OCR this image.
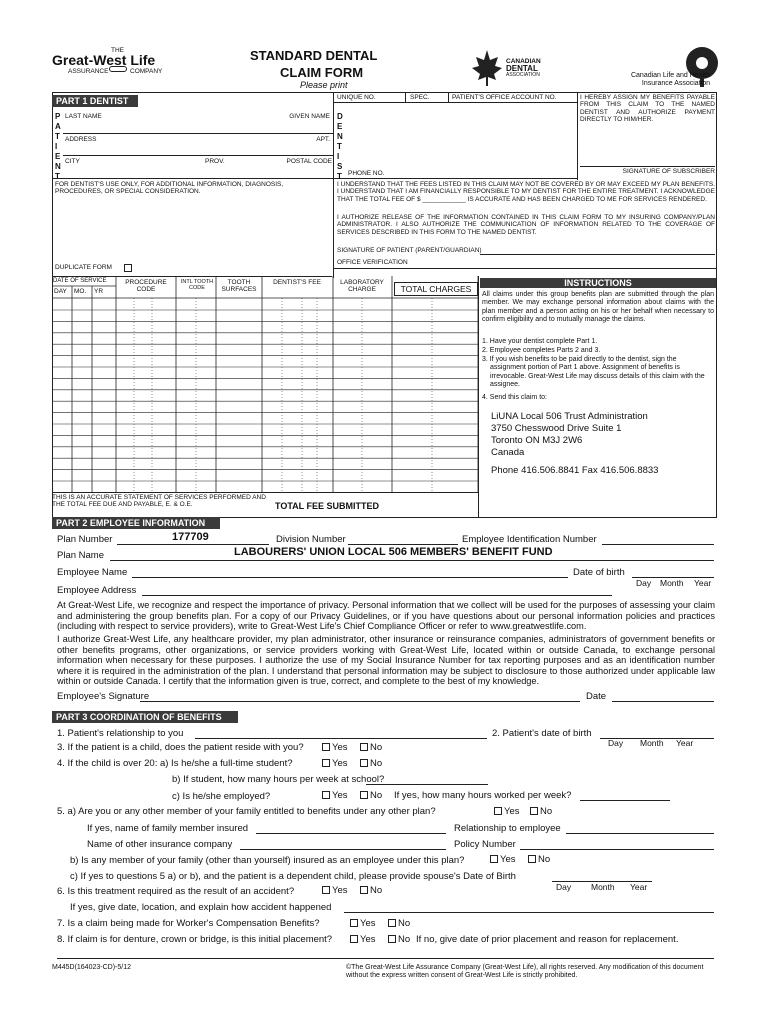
THE
Great-West Life
ASSURANCE	COMPANY
STANDARD DENTAL
CLAIM FORM
Please print
CANADIAN
DENTAL
ASSOCIATION	Canadian Life and Health
Insurance Association
PART 1 DENTIST
P
A
T
I
E
N
T
LAST NAME	GIVEN NAME
ADDRESS	APT.
CITY	PROV.	POSTAL CODE
D
E
N
T
I
S
T
UNIQUE NO.	SPEC.	PATIENT'S OFFICE ACCOUNT NO.
PHONE NO.
I HEREBY ASSIGN MY BENEFITS PAYABLE FROM THIS CLAIM TO THE NAMED DENTIST AND AUTHORIZE PAYMENT DIRECTLY TO HIM/HER.
SIGNATURE OF SUBSCRIBER
FOR DENTIST'S USE ONLY, FOR ADDITIONAL INFORMATION, DIAGNOSIS, PROCEDURES, OR SPECIAL CONSIDERATION.
DUPLICATE FORM
I UNDERSTAND THAT THE FEES LISTED IN THIS CLAIM MAY NOT BE COVERED BY OR MAY EXCEED MY PLAN BENEFITS. I UNDERSTAND THAT I AM FINANCIALLY RESPONSIBLE TO MY DENTIST FOR THE ENTIRE TREATMENT. I ACKNOWLEDGE THAT THE TOTAL FEE OF $ ____________ IS ACCURATE AND HAS BEEN CHARGED TO ME FOR SERVICES RENDERED.
I AUTHORIZE RELEASE OF THE INFORMATION CONTAINED IN THIS CLAIM FORM TO MY INSURING COMPANY/PLAN ADMINISTRATOR. I ALSO AUTHORIZE THE COMMUNICATION OF INFORMATION RELATED TO THE COVERAGE OF SERVICES DESCRIBED IN THIS FORM TO THE NAMED DENTIST.
SIGNATURE OF PATIENT (PARENT/GUARDIAN)
OFFICE VERIFICATION
DATE OF SERVICE
DAY MO. YR
PROCEDURE CODE
INTL TOOTH CODE
TOOTH SURFACES
DENTIST'S FEE	LABORATORY CHARGE	TOTAL CHARGES
THIS IS AN ACCURATE STATEMENT OF SERVICES PERFORMED AND THE TOTAL FEE DUE AND PAYABLE, E. & O.E.	TOTAL FEE SUBMITTED
INSTRUCTIONS
All claims under this group benefits plan are submitted through the plan member. We may exchange personal information about claims with the plan member and a person acting on his or her behalf when necessary to confirm eligibility and to mutually manage the claims.
1. Have your dentist complete Part 1.
2. Employee completes Parts 2 and 3.
3. If you wish benefits to be paid directly to the dentist, sign the assignment portion of Part 1 above. Assignment of benefits is irrevocable. Great-West Life may discuss details of this claim with the assignee.
4. Send this claim to:
LiUNA Local 506 Trust Administration
3750 Chesswood Drive Suite 1
Toronto ON M3J 2W6
Canada
Phone 416.506.8841 Fax 416.506.8833
PART 2 EMPLOYEE INFORMATION
Plan Number	177709	Division Number	Employee Identification Number
Plan Name	LABOURERS' UNION LOCAL 506 MEMBERS' BENEFIT FUND
Employee Name	Date of birth
Day Month Year
Employee Address
At Great-West Life, we recognize and respect the importance of privacy. Personal information that we collect will be used for the purposes of assessing your claim and administering the group benefits plan. For a copy of our Privacy Guidelines, or if you have questions about our personal information policies and practices (including with respect to service providers), write to Great-West Life's Chief Compliance Officer or refer to www.greatwestlife.com.
I authorize Great-West Life, any healthcare provider, my plan administrator, other insurance or reinsurance companies, administrators of government benefits or other benefits programs, other organizations, or service providers working with Great-West Life, located within or outside Canada, to exchange personal information when necessary for these purposes. I authorize the use of my Social Insurance Number for tax reporting purposes and as an identification number where it is required in the administration of the plan. I understand that personal information may be subject to disclosure to those authorized under applicable law within or outside Canada. I certify that the information given is true, correct, and complete to the best of my knowledge.
Employee's Signature	Date
PART 3 COORDINATION OF BENEFITS
1. Patient's relationship to you	2. Patient's date of birth
Day Month Year
3. If the patient is a child, does the patient reside with you?	Yes	No
4. If the child is over 20: a) Is he/she a full-time student?	Yes	No
b) If student, how many hours per week at school?
c) Is he/she employed?	Yes	No If yes, how many hours worked per week?
5. a) Are you or any other member of your family entitled to benefits under any other plan?	Yes	No
If yes, name of family member insured	Relationship to employee
Name of other insurance company	Policy Number
b) Is any member of your family (other than yourself) insured as an employee under this plan?	Yes	No
c) If yes to questions 5 a) or b), and the patient is a dependent child, please provide spouse's Date of Birth
Day Month Year
6. Is this treatment required as the result of an accident?	Yes	No
If yes, give date, location, and explain how accident happened
7. Is a claim being made for Worker's Compensation Benefits?	Yes	No
8. If claim is for denture, crown or bridge, is this initial placement?	Yes	No If no, give date of prior placement and reason for replacement.
M445D(164023-CD)-5/12	©The Great-West Life Assurance Company (Great-West Life), all rights reserved. Any modification of this document without the express written consent of Great-West Life is strictly prohibited.
